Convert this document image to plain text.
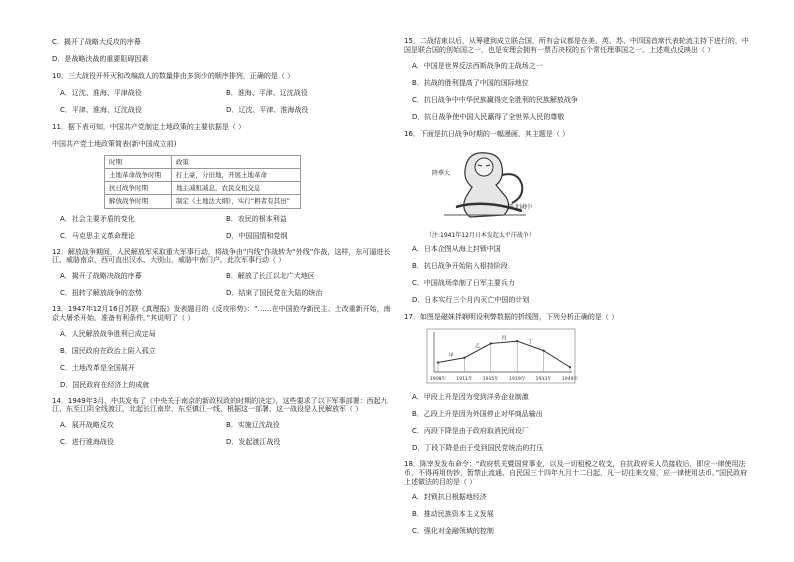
C．揭开了战略大反攻的序幕
D．是战略決战的重要阻碍因素
10．三大战役开歼灭和改编敌人的数量排由多到少的顺序排列，正确的是（ ）
A．辽沈、淮海、平津战役	B．淮海、平津、辽沈战役
C．平津、淮海、辽沈战役	D．辽沈、平津、淮海战役
11．据下表可知，中国共产党制定土地政策的主要依据是（ ）
中国共产党土地政策简表(新中国成立前)
时期	政策
土地革命战争时期	打土豪，分田地，开展土地革命
抗日战争时期	地主减租减息，农民交租交息
解放战争时期	制定《土地法大纲》，实行“耕者有其田”
A．社会主要矛盾的变化	B．农民的根本利益
C．马克思主义革命理论	D．中国国情和党纲
12．解放战争期间，人民解放军采取重大军事行动，将战争由“内线”作战转为“外线”作战，这样，东可逼进长江、威胁南京，西可直出汉水、大别山，威胁中南门户。此次军事行动（ ）
A．揭开了战略决战的序幕	B．解放了长江以北广大地区
C．扭转了解放战争的态势	D．结束了国民党在大陆的统治
13．1947年12月16日苏联《真理报》发表题目的《反攻形势》：“……在中国抢夺新民主、土改重新开始，南京大屠杀开始，准备有利条件。”其说明了（ ）
A．人民解放战争胜利已成定局
B．国民政府在政治上陷入孤立
C．土地改革是全国展开
D．国民政府在经济上的成就
14．1949年3月，中共发布了《中央关于南京的新政权政的时期的决定》，这些要求了以下军事部署：西起九江、东至江阴全线渡江，北起长江南岸，东至镇江一线，根据这一部署，这一战役是人民解放军（ ）
A．展开战略反攻	B．实施辽沈战役
C．进行淮海战役	D．发起渡江战役
15．二战结束以后，从筹建到成立联合国，所有会议都是在美、英、苏、中四国首席代表轮流主持下进行的，中国是联合国的创始国之一，也是安理会拥有一票否决权的五个常任理事国之一。上述观点反映出（ ）
A．中国是世界反法西斯战争的主战场之一
B．抗战的胜利提高了中国的国际地位
C．抗日战争中中华民族赢得完全胜利的民族解放战争
D．抗日战争使中国人民赢得了全世界人民的尊敬
16．下面是抗日战争时期的一幅漫画，其主题是（ ）
降華大
陸北國中
（注:1941年12月日本发起太平洋战争）
A．日本企图从海上封锁中国
B．抗日战争开始陷入相持阶段
C．中国战场牵制了日军主要兵力
D．日本实行三个月内灭亡中国的计划
17．如图是磁妹拌娴明设利弊数据的折线图，下列分析正确的是（ ）
1908年 1911年 1915年 1919年 1933年 1949年
甲
乙
丙
丁
A．甲段上升是因为受到洋务企业制激
B．乙段上升是因为外国停止对华商品输出
C．丙段下降是由于政府取消民间设厂
D．丁段下降是由于受到国民党统治的打压
18．陈宰发发布命令：“政府机关暨国营事业，以及一切租税之收支，自抗政府采人员接收后，即应一律使用法币，不得再用伪钞，暂禁止流通，自民国三十四年九月十二日起，凡一切往来交易，应一律使用法币。”国民政府上述做法的目的是（ ）
A．封锁抗日根据地经济
B．推动民族资本主义发展
C．强化对金融领域的控制
